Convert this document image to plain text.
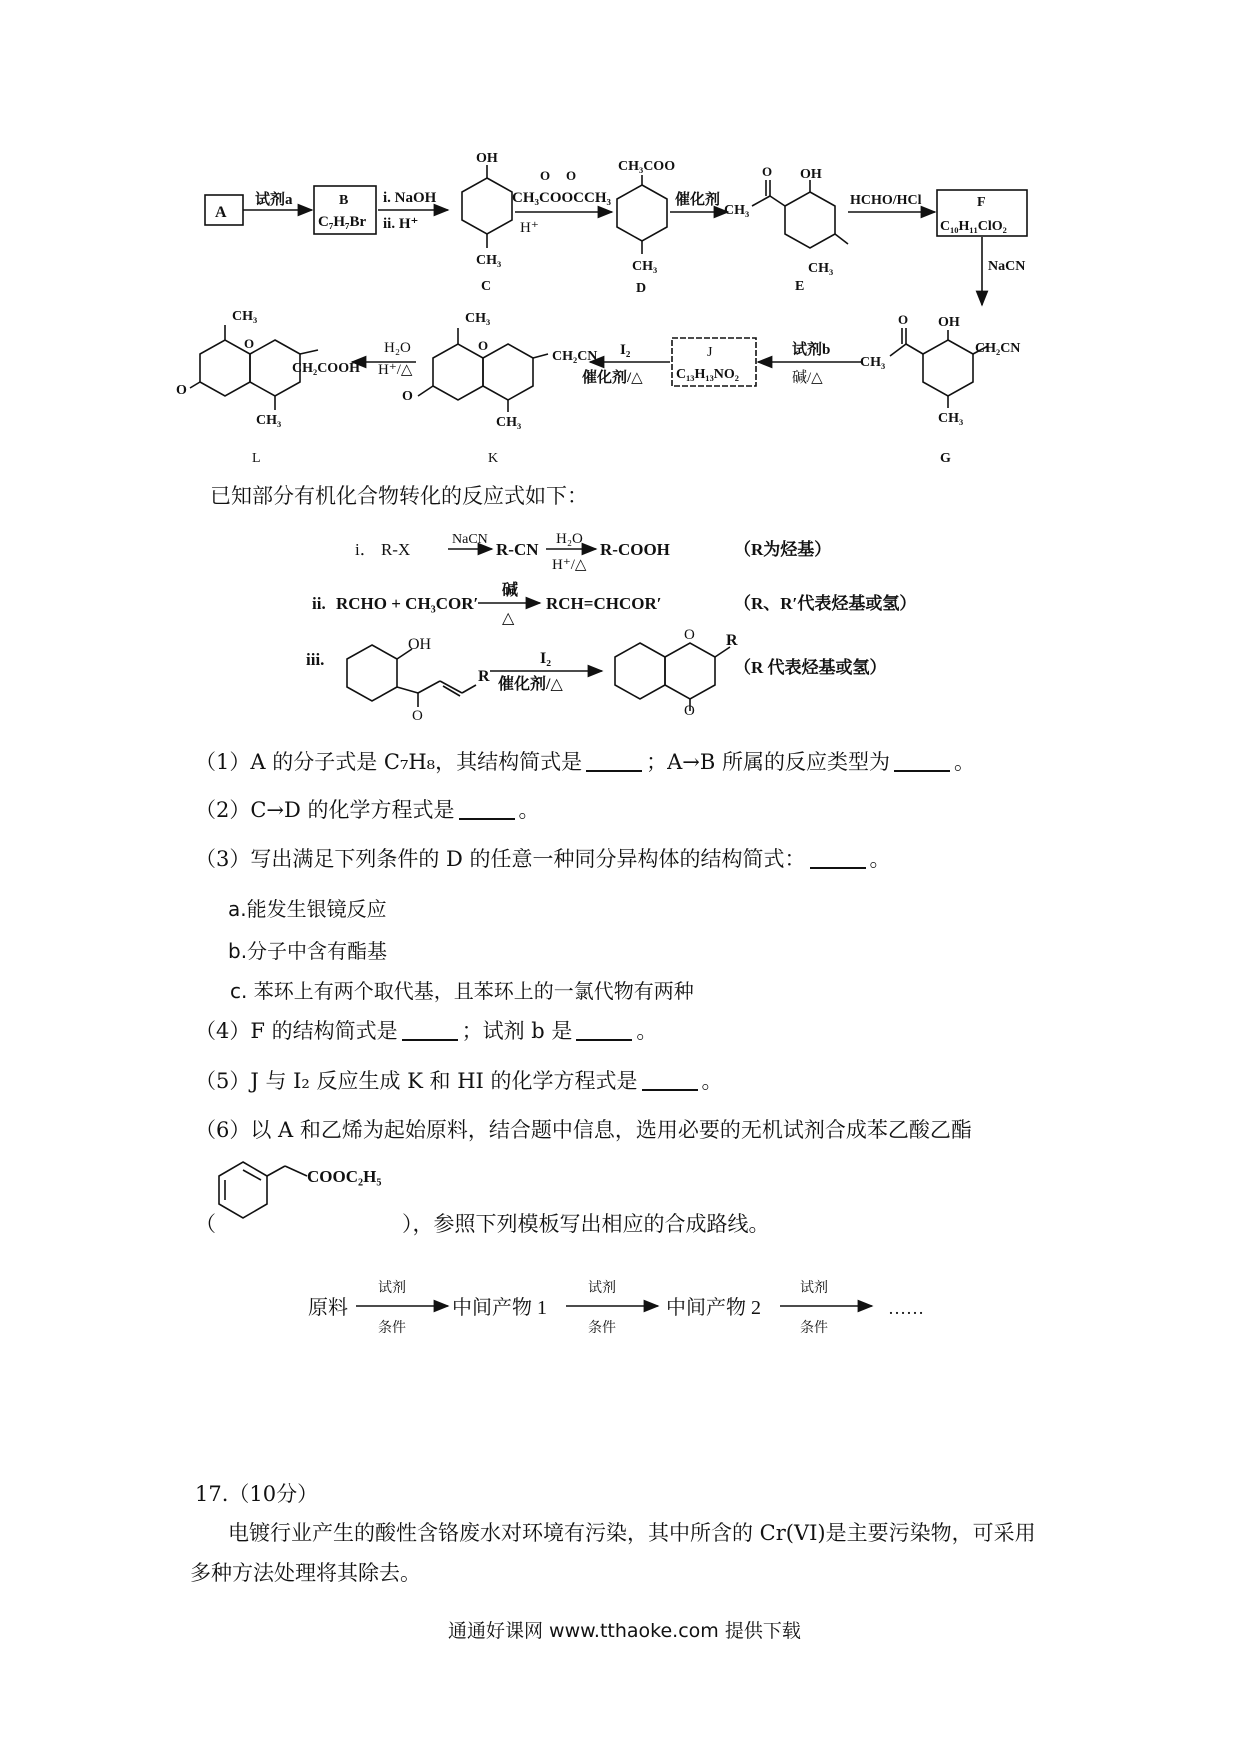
A
试剂a	B
C₇H₇Br
i. NaOH
ii. H⁺
OH
CH₃
C
O O
CH₃COOCCH₃
H⁺
CH₃COO
CH₃
D
催化剂
O
CH₃
OH
CH₃
E
HCHO/HCl	F
C₁₀H₁₁ClO₂
NaCN
O
CH₃
OH
CH₂CN
CH₃
G
试剂b
碱/△
J
C₁₃H₁₃NO₂
I₂
催化剂/△
CH₃
O
O
CH₂CN
CH₃
K
H₂O
H⁺/△
CH₃
O
O
CH₂COOH
CH₃
L
已知部分有机化合物转化的反应式如下：
i． R-X
NaCN
R-CN
H₂O
H⁺/△
R-COOH	（R为烃基）
ii. RCHO + CH₃COR′
碱
△
RCH=CHCOR′	（R、R′代表烃基或氢）
iii.
OH
O
R
I₂
催化剂/△
O R
O
（R 代表烃基或氢）
（1）A 的分子式是 C₇H₈，其结构简式是	；A→B 所属的反应类型为	。
（2）C→D 的化学方程式是	。
（3）写出满足下列条件的 D 的任意一种同分异构体的结构简式：	。
a.能发生银镜反应
b.分子中含有酯基
c. 苯环上有两个取代基，且苯环上的一氯代物有两种
（4）F 的结构简式是	；试剂 b 是	。
（5）J 与 I₂ 反应生成 K 和 HI 的化学方程式是	。
（6）以 A 和乙烯为起始原料，结合题中信息，选用必要的无机试剂合成苯乙酸乙酯
COOC₂H₅
（	），参照下列模板写出相应的合成路线。
原料
试剂
条件
中间产物 1
试剂
条件
中间产物 2
试剂
条件
……
17.（10分）
电镀行业产生的酸性含铬废水对环境有污染，其中所含的 Cr(VI)是主要污染物，可采用
多种方法处理将其除去。
通通好课网 www.tthaoke.com 提供下载
